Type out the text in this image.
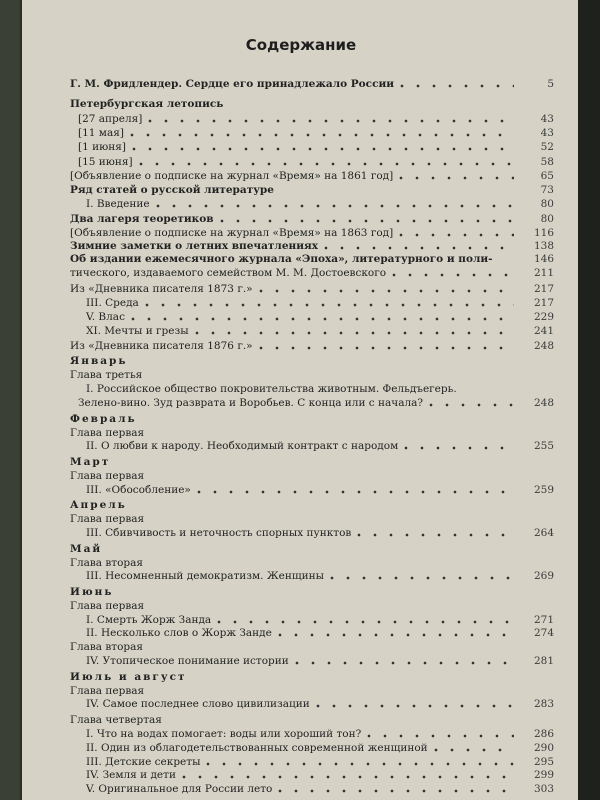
Содержание
Г. М. Фридлендер. Сердце его принадлежало России	5
Петербургская летопись
[27 апреля]	43
[11 мая]	43
[1 июня]	52
[15 июня]	58
[Объявление о подписке на журнал «Время» на 1861 год]	65
Ряд статей о русской литературе	73
I. Введение	80
Два лагеря теоретиков	80
[Объявление о подписке на журнал «Время» на 1863 год]	116
Зимние заметки о летних впечатлениях	138
Об издании ежемесячного журнала «Эпоха», литературного и поли-	146
тического, издаваемого семейством М. М. Достоевского	211
Из «Дневника писателя 1873 г.»	217
III. Среда	217
V. Влас	229
XI. Мечты и грезы	241
Из «Дневника писателя 1876 г.»	248
Январь
Глава третья
I. Российское общество покровительства животным. Фельдъегерь.
Зелено-вино. Зуд разврата и Воробьев. С конца или с начала?	248
Февраль
Глава первая
II. О любви к народу. Необходимый контракт с народом	255
Март
Глава первая
III. «Обособление»	259
Апрель
Глава первая
III. Сбивчивость и неточность спорных пунктов	264
Май
Глава вторая
III. Несомненный демократизм. Женщины	269
Июнь
Глава первая
I. Смерть Жорж Занда	271
II. Несколько слов о Жорж Занде	274
Глава вторая
IV. Утопическое понимание истории	281
Июль и август
Глава первая
IV. Самое последнее слово цивилизации	283
Глава четвертая
I. Что на водах помогает: воды или хороший тон?	286
II. Один из облагодетельствованных современной женщиной	290
III. Детские секреты	295
IV. Земля и дети	299
V. Оригинальное для России лето	303
